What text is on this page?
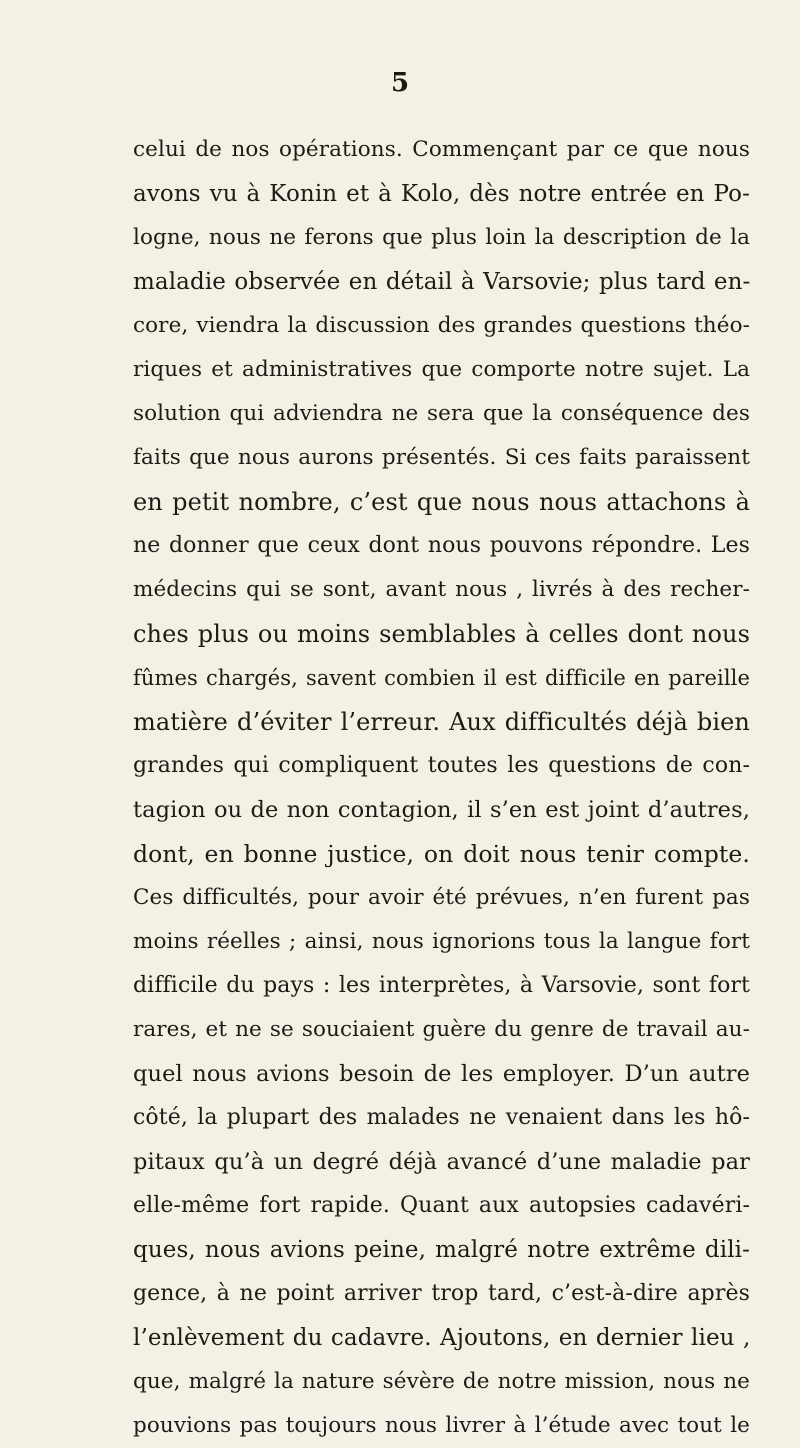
5
celui de nos opérations. Commençant par ce que nous
avons vu à Konin et à Kolo, dès notre entrée en Po-
logne, nous ne ferons que plus loin la description de la
maladie observée en détail à Varsovie; plus tard en-
core, viendra la discussion des grandes questions théo-
riques et administratives que comporte notre sujet. La
solution qui adviendra ne sera que la conséquence des
faits que nous aurons présentés. Si ces faits paraissent
en petit nombre, c’est que nous nous attachons à
ne donner que ceux dont nous pouvons répondre. Les
médecins qui se sont, avant nous , livrés à des recher-
ches plus ou moins semblables à celles dont nous
fûmes chargés, savent combien il est difficile en pareille
matière d’éviter l’erreur. Aux difficultés déjà bien
grandes qui compliquent toutes les questions de con-
tagion ou de non contagion, il s’en est joint d’autres,
dont, en bonne justice, on doit nous tenir compte.
Ces difficultés, pour avoir été prévues, n’en furent pas
moins réelles ; ainsi, nous ignorions tous la langue fort
difficile du pays : les interprètes, à Varsovie, sont fort
rares, et ne se souciaient guère du genre de travail au-
quel nous avions besoin de les employer. D’un autre
côté, la plupart des malades ne venaient dans les hô-
pitaux qu’à un degré déjà avancé d’une maladie par
elle-même fort rapide. Quant aux autopsies cadavéri-
ques, nous avions peine, malgré notre extrême dili-
gence, à ne point arriver trop tard, c’est-à-dire après
l’enlèvement du cadavre. Ajoutons, en dernier lieu ,
que, malgré la nature sévère de notre mission, nous ne
pouvions pas toujours nous livrer à l’étude avec tout le
